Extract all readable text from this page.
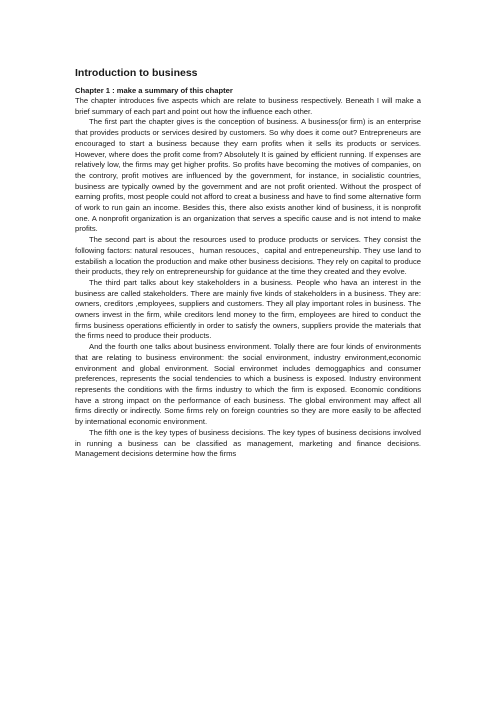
Introduction to business
Chapter 1 : make a summary of this chapter

The chapter introduces five aspects which are relate to business respectively. Beneath I will make a brief summary of each part and point out how the influence each other.

The first part the chapter gives is the conception of business. A business(or firm) is an enterprise that provides products or services desired by customers. So why does it come out? Entrepreneurs are encouraged to start a business because they earn profits when it sells its products or services. However, where does the profit come from? Absolutely It is gained by efficient running. If expenses are relatively low, the firms may get higher profits. So profits have becoming the motives of companies, on the controry, profit motives are influenced by the government, for instance, in socialistic countries, business are typically owned by the government and are not profit oriented. Without the prospect of earning profits, most people could not afford to creat a business and have to find some alternative form of work to run gain an income. Besides this, there also exists another kind of business, it is nonprofit one. A nonprofit organization is an organization that serves a specific cause and is not intend to make profits.

The second part is about the resources used to produce products or services. They consist the following factors: natural resouces、human resouces、capital and entrepeneurship. They use land to estabilish a location the production and make other business decisions. They rely on capital to produce their products, they rely on entrepreneurship for guidance at the time they created and they evolve.

The third part talks about key stakeholders in a business. People who hava an interest in the business are called stakeholders. There are mainly five kinds of stakeholders in a business. They are: owners, creditors ,employees, suppliers and customers. They all play important roles in business. The owners invest in the firm, while creditors lend money to the firm, employees are hired to conduct the firms business operations efficiently in order to satisfy the owners, suppliers provide the materials that the firms need to produce their products.

And the fourth one talks about business environment. Tolally there are four kinds of environments that are relating to business environment: the social environment, industry environment,economic environment and global environment. Social environmet includes demoggaphics and consumer preferences, represents the social tendencies to which a business is exposed. Industry environment represents the conditions with the firms industry to which the firm is exposed. Economic conditions have a strong impact on the performance of each business. The global environment may affect all firms directly or indirectly. Some firms rely on foreign countries so they are more easily to be affected by international economic environment.

The fifth one is the key types of business decisions. The key types of business decisions involved in running a business can be classified as management, marketing and finance decisions. Management decisions determine how the firms
